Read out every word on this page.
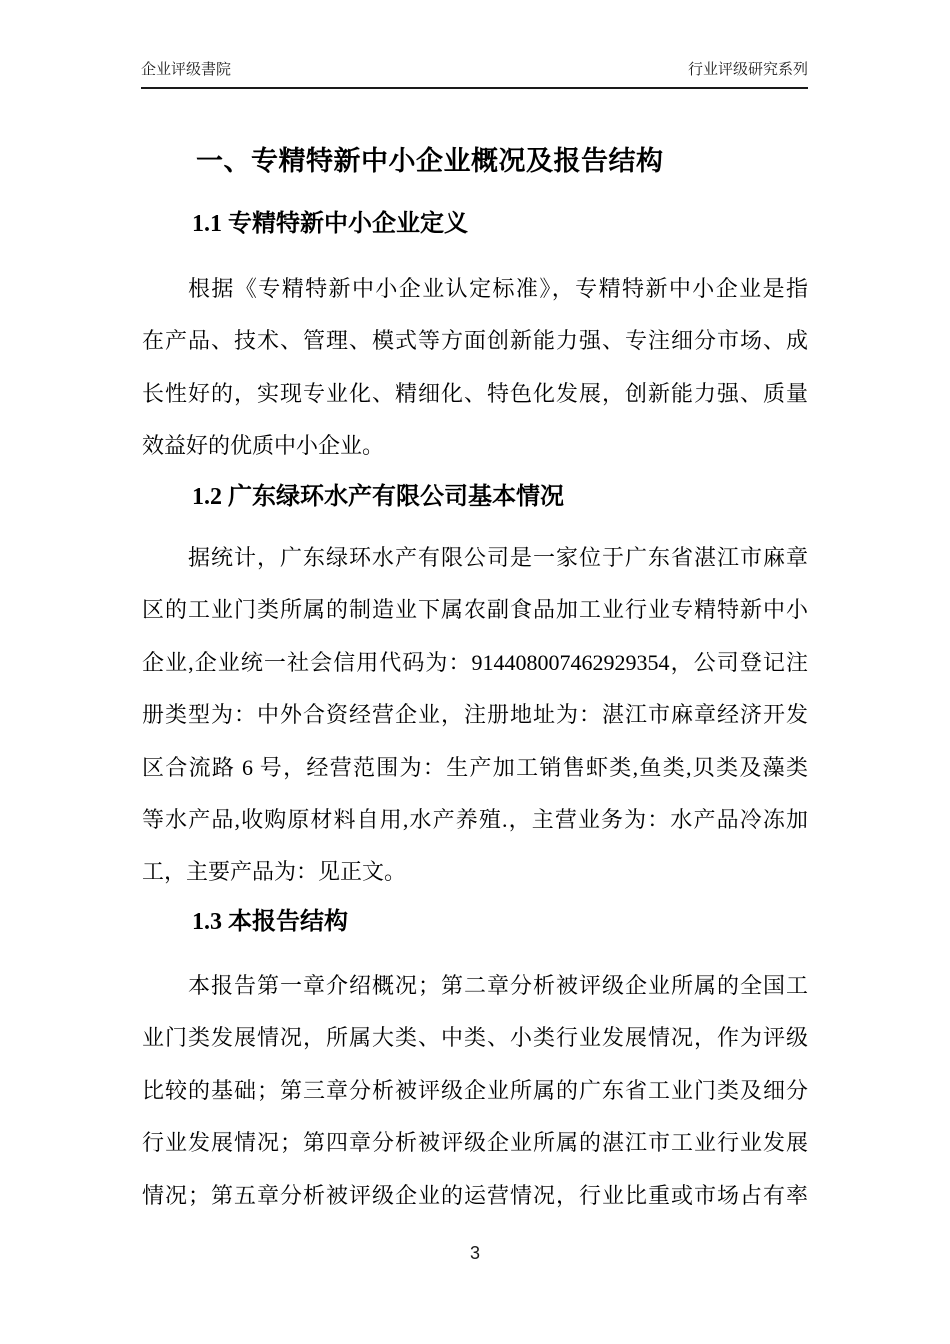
企业评级書院	行业评级研究系列
一、专精特新中小企业概况及报告结构
1.1 专精特新中小企业定义
根据《专精特新中小企业认定标准》，专精特新中小企业是指
在产品、技术、管理、模式等方面创新能力强、专注细分市场、成
长性好的，实现专业化、精细化、特色化发展，创新能力强、质量
效益好的优质中小企业。
1.2 广东绿环水产有限公司基本情况
据统计，广东绿环水产有限公司是一家位于广东省湛江市麻章
区的工业门类所属的制造业下属农副食品加工业行业专精特新中小
企业,企业统一社会信用代码为：914408007462929354，公司登记注
册类型为：中外合资经营企业，注册地址为：湛江市麻章经济开发
区合流路 6 号，经营范围为：生产加工销售虾类,鱼类,贝类及藻类
等水产品,收购原材料自用,水产养殖.，主营业务为：水产品冷冻加
工，主要产品为：见正文。
1.3 本报告结构
本报告第一章介绍概况；第二章分析被评级企业所属的全国工
业门类发展情况，所属大类、中类、小类行业发展情况，作为评级
比较的基础；第三章分析被评级企业所属的广东省工业门类及细分
行业发展情况；第四章分析被评级企业所属的湛江市工业行业发展
情况；第五章分析被评级企业的运营情况，行业比重或市场占有率
3
